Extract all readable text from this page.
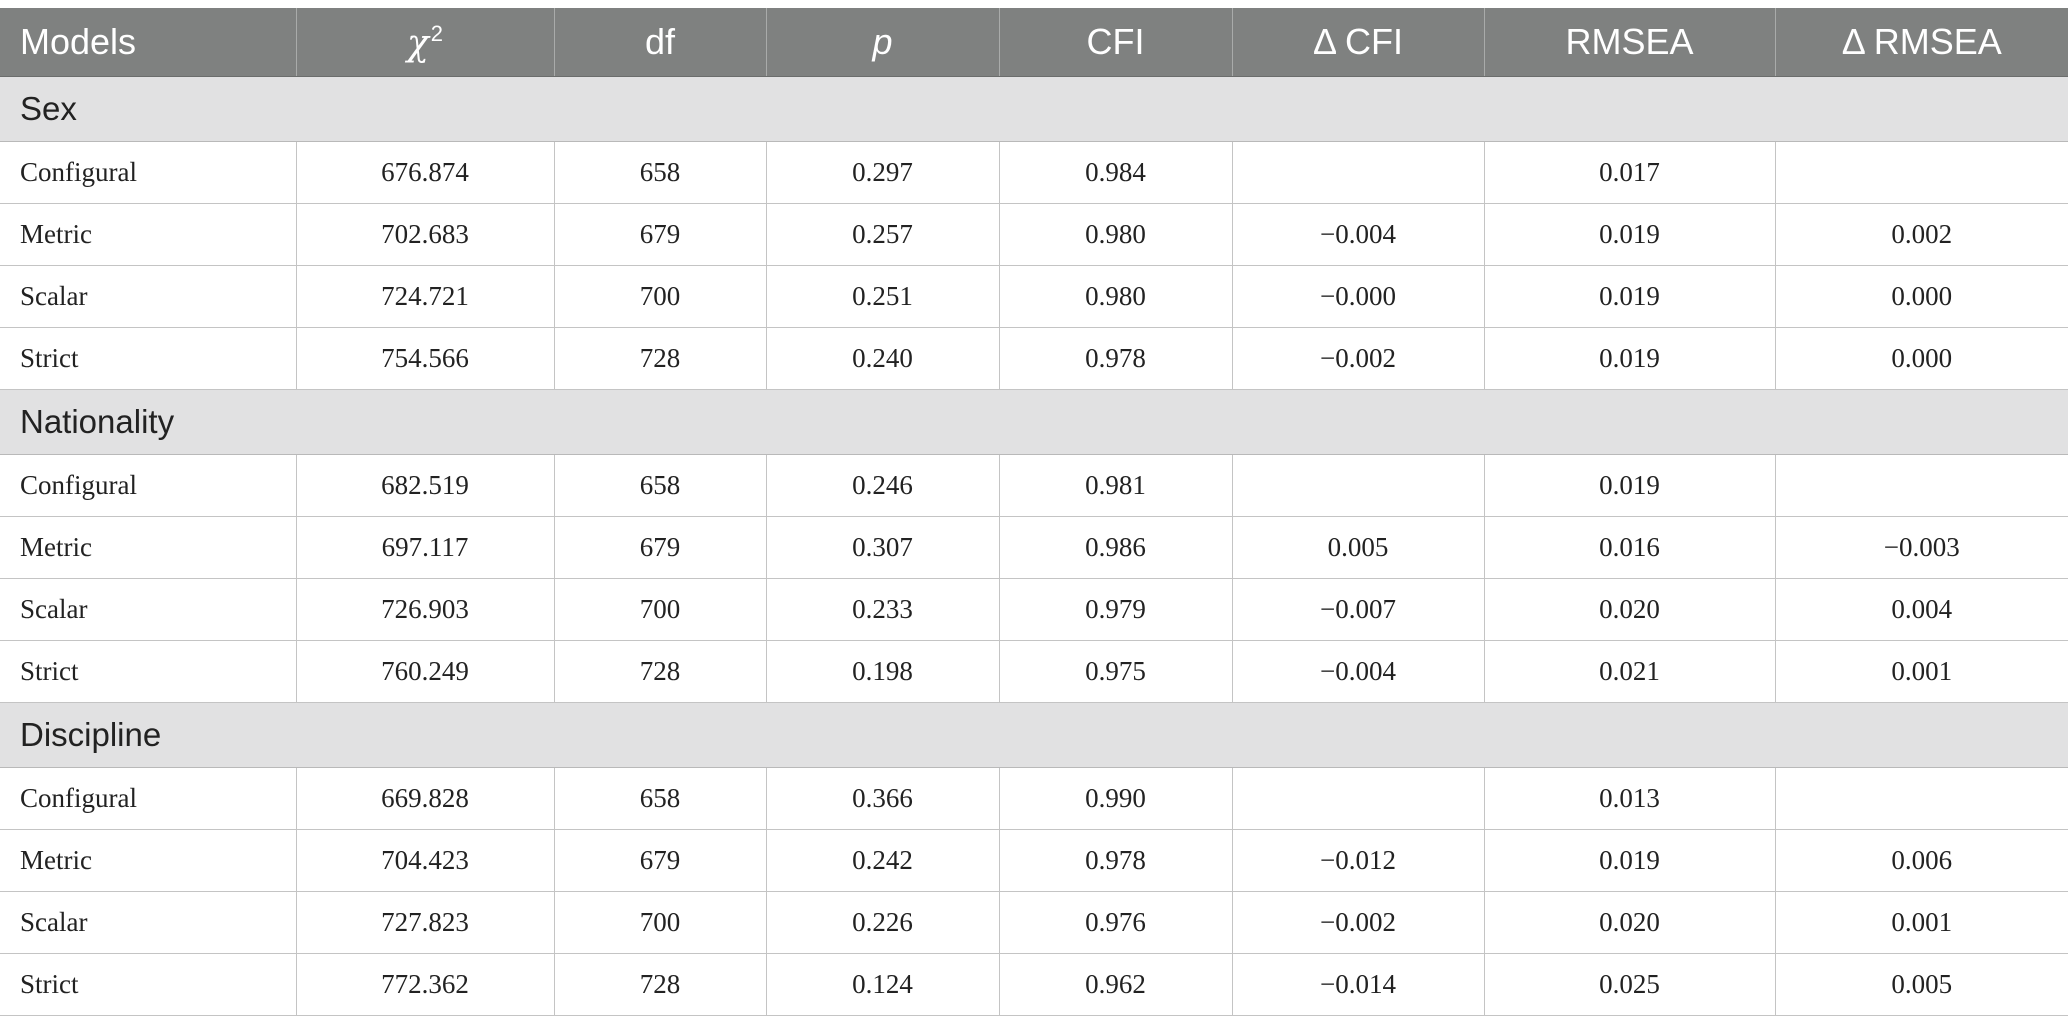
Models	$\chi^2$	df	p	CFI	Δ CFI	RMSEA	Δ RMSEA
Sex							
Configural	676.874	658	0.297	0.984		0.017	
Metric	702.683	679	0.257	0.980	−0.004	0.019	0.002
Scalar	724.721	700	0.251	0.980	−0.000	0.019	0.000
Strict	754.566	728	0.240	0.978	−0.002	0.019	0.000
Nationality							
Configural	682.519	658	0.246	0.981		0.019	
Metric	697.117	679	0.307	0.986	0.005	0.016	−0.003
Scalar	726.903	700	0.233	0.979	−0.007	0.020	0.004
Strict	760.249	728	0.198	0.975	−0.004	0.021	0.001
Discipline							
Configural	669.828	658	0.366	0.990		0.013	
Metric	704.423	679	0.242	0.978	−0.012	0.019	0.006
Scalar	727.823	700	0.226	0.976	−0.002	0.020	0.001
Strict	772.362	728	0.124	0.962	−0.014	0.025	0.005
